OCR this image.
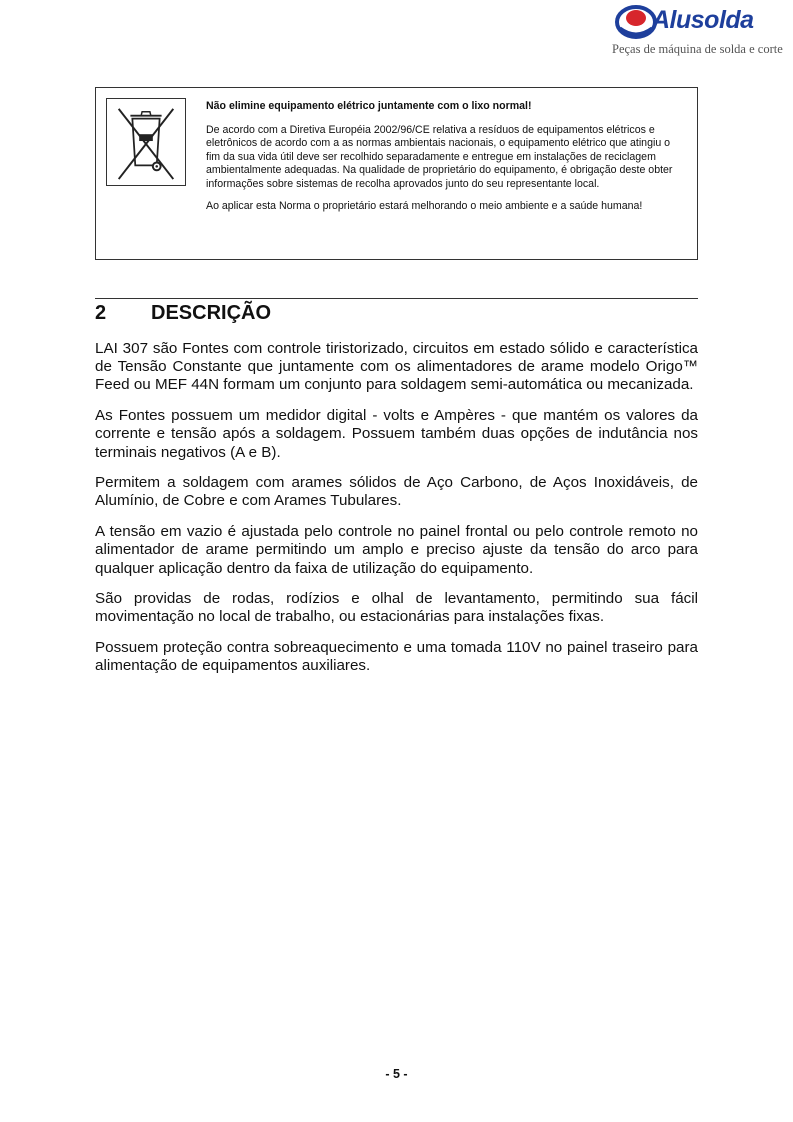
Alusolda
Peças de máquina de solda e corte

Não elimine equipamento elétrico juntamente com o lixo normal!

De acordo com a Diretiva Européia 2002/96/CE relativa a resíduos de equipamentos elétricos e eletrônicos de acordo com a as normas ambientais nacionais, o equipamento elétrico que atingiu o fim da sua vida útil deve ser recolhido separadamente e entregue em instalações de reciclagem ambientalmente adequadas. Na qualidade de proprietário do equipamento, é obrigação deste obter informações sobre sistemas de recolha aprovados junto do seu representante local.

Ao aplicar esta Norma o proprietário estará melhorando o meio ambiente e a saúde humana!

2 DESCRIÇÃO

LAI 307 são Fontes com controle tiristorizado, circuitos em estado sólido e característica de Tensão Constante que juntamente com os alimentadores de arame modelo Origo™ Feed ou MEF 44N formam um conjunto para soldagem semi-automática ou mecanizada.

As Fontes possuem um medidor digital - volts e Ampères - que mantém os valores da corrente e tensão após a soldagem. Possuem também duas opções de indutância nos terminais negativos (A e B).

Permitem a soldagem com arames sólidos de Aço Carbono, de Aços Inoxidáveis, de Alumínio, de Cobre e com Arames Tubulares.

A tensão em vazio é ajustada pelo controle no painel frontal ou pelo controle remoto no alimentador de arame permitindo um amplo e preciso ajuste da tensão do arco para qualquer aplicação dentro da faixa de utilização do equipamento.

São providas de rodas, rodízios e olhal de levantamento, permitindo sua fácil movimentação no local de trabalho, ou estacionárias para instalações fixas.

Possuem proteção contra sobreaquecimento e uma tomada 110V no painel traseiro para alimentação de equipamentos auxiliares.

- 5 -
